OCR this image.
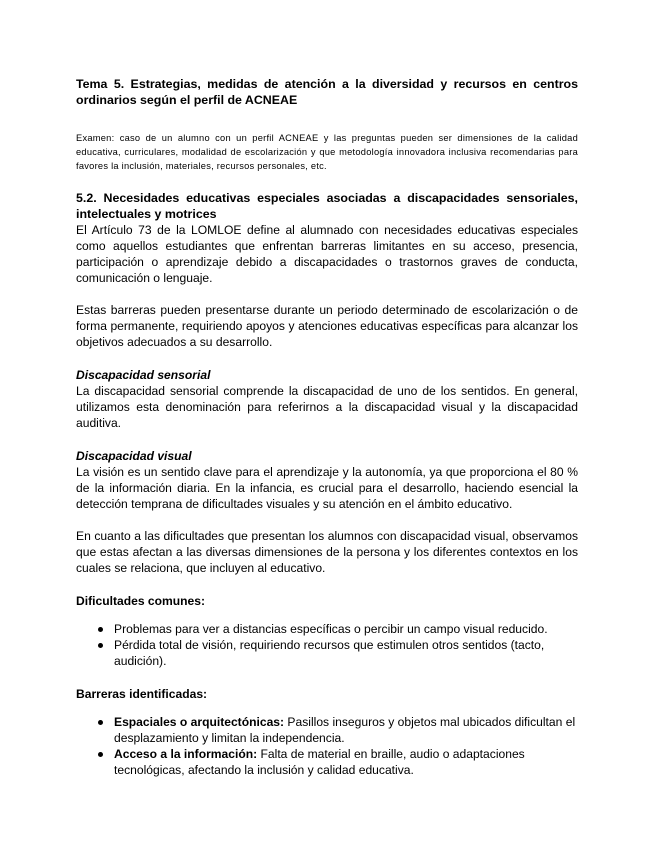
Tema 5. Estrategias, medidas de atención a la diversidad y recursos en centros ordinarios según el perfil de ACNEAE
Examen: caso de un alumno con un perfil ACNEAE y las preguntas pueden ser dimensiones de la calidad educativa, curriculares, modalidad de escolarización y que metodología innovadora inclusiva recomendarias para favores la inclusión, materiales, recursos personales, etc.
5.2. Necesidades educativas especiales asociadas a discapacidades sensoriales, intelectuales y motrices

El Artículo 73 de la LOMLOE define al alumnado con necesidades educativas especiales como aquellos estudiantes que enfrentan barreras limitantes en su acceso, presencia, participación o aprendizaje debido a discapacidades o trastornos graves de conducta, comunicación o lenguaje.

Estas barreras pueden presentarse durante un periodo determinado de escolarización o de forma permanente, requiriendo apoyos y atenciones educativas específicas para alcanzar los objetivos adecuados a su desarrollo.

Discapacidad sensorial

La discapacidad sensorial comprende la discapacidad de uno de los sentidos. En general, utilizamos esta denominación para referirnos a la discapacidad visual y la discapacidad auditiva.

Discapacidad visual

La visión es un sentido clave para el aprendizaje y la autonomía, ya que proporciona el 80 % de la información diaria. En la infancia, es crucial para el desarrollo, haciendo esencial la detección temprana de dificultades visuales y su atención en el ámbito educativo.

En cuanto a las dificultades que presentan los alumnos con discapacidad visual, observamos que estas afectan a las diversas dimensiones de la persona y los diferentes contextos en los cuales se relaciona, que incluyen al educativo.

Dificultades comunes:
Problemas para ver a distancias específicas o percibir un campo visual reducido.
Pérdida total de visión, requiriendo recursos que estimulen otros sentidos (tacto, audición).
Barreras identificadas:
Espaciales o arquitectónicas: Pasillos inseguros y objetos mal ubicados dificultan el desplazamiento y limitan la independencia.
Acceso a la información: Falta de material en braille, audio o adaptaciones tecnológicas, afectando la inclusión y calidad educativa.
